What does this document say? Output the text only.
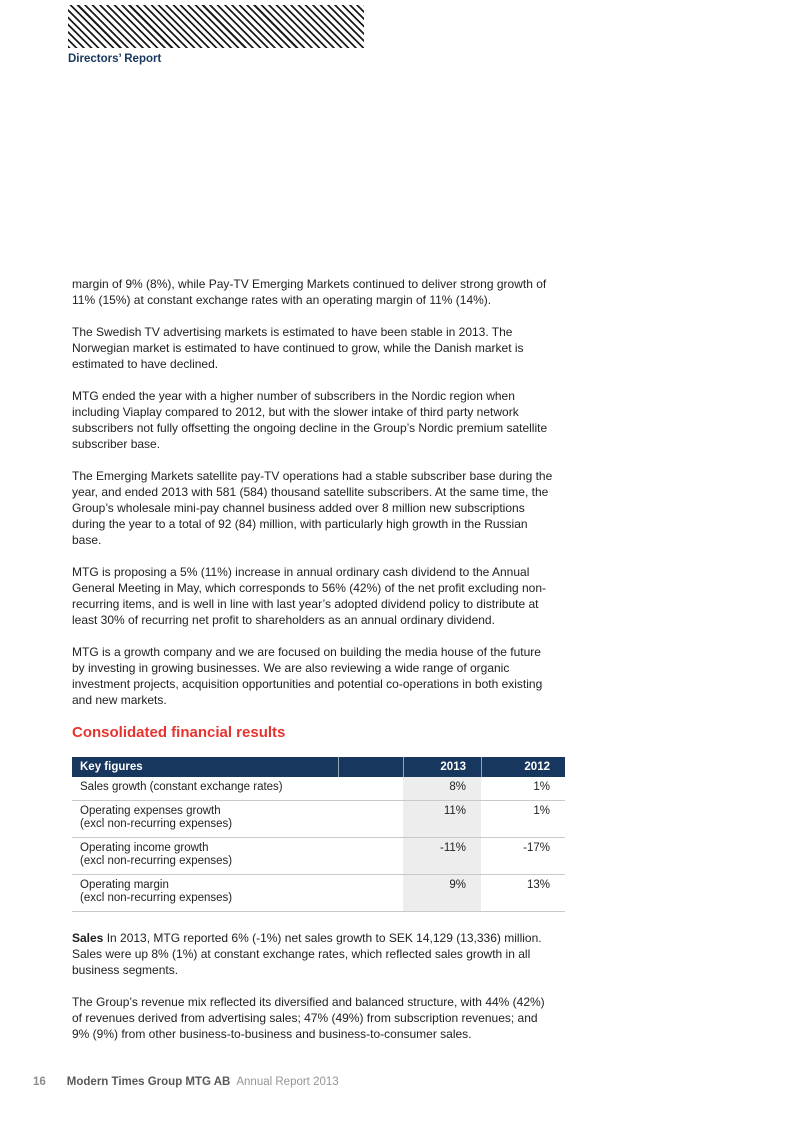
Directors’ Report

margin of 9% (8%), while Pay-TV Emerging Markets continued to deliver strong growth of 11% (15%) at constant exchange rates with an operating margin of 11% (14%).

The Swedish TV advertising markets is estimated to have been stable in 2013. The Norwegian market is estimated to have continued to grow, while the Danish market is estimated to have declined.

MTG ended the year with a higher number of subscribers in the Nordic region when including Viaplay compared to 2012, but with the slower intake of third party network subscribers not fully offsetting the ongoing decline in the Group’s Nordic premium satellite subscriber base.

The Emerging Markets satellite pay-TV operations had a stable subscriber base during the year, and ended 2013 with 581 (584) thousand satellite subscribers. At the same time, the Group’s wholesale mini-pay channel business added over 8 million new subscriptions during the year to a total of 92 (84) million, with particularly high growth in the Russian base.

MTG is proposing a 5% (11%) increase in annual ordinary cash dividend to the Annual General Meeting in May, which corresponds to 56% (42%) of the net profit excluding non-recurring items, and is well in line with last year’s adopted dividend policy to distribute at least 30% of recurring net profit to shareholders as an annual ordinary dividend.

MTG is a growth company and we are focused on building the media house of the future by investing in growing businesses. We are also reviewing a wide range of organic investment projects, acquisition opportunities and potential co-operations in both existing and new markets.

Consolidated financial results
Key figures	2013	2012
Sales growth (constant exchange rates)	8%	1%
Operating expenses growth
(excl non-recurring expenses)
11%	1%
Operating income growth
(excl non-recurring expenses)
-11%	-17%
Operating margin
(excl non-recurring expenses)
9%	13%

Sales In 2013, MTG reported 6% (-1%) net sales growth to SEK 14,129 (13,336) million. Sales were up 8% (1%) at constant exchange rates, which reflected sales growth in all business segments.

The Group’s revenue mix reflected its diversified and balanced structure, with 44% (42%) of revenues derived from advertising sales; 47% (49%) from subscription revenues; and 9% (9%) from other business-to-business and business-to-consumer sales.

16 Modern Times Group MTG AB Annual Report 2013
